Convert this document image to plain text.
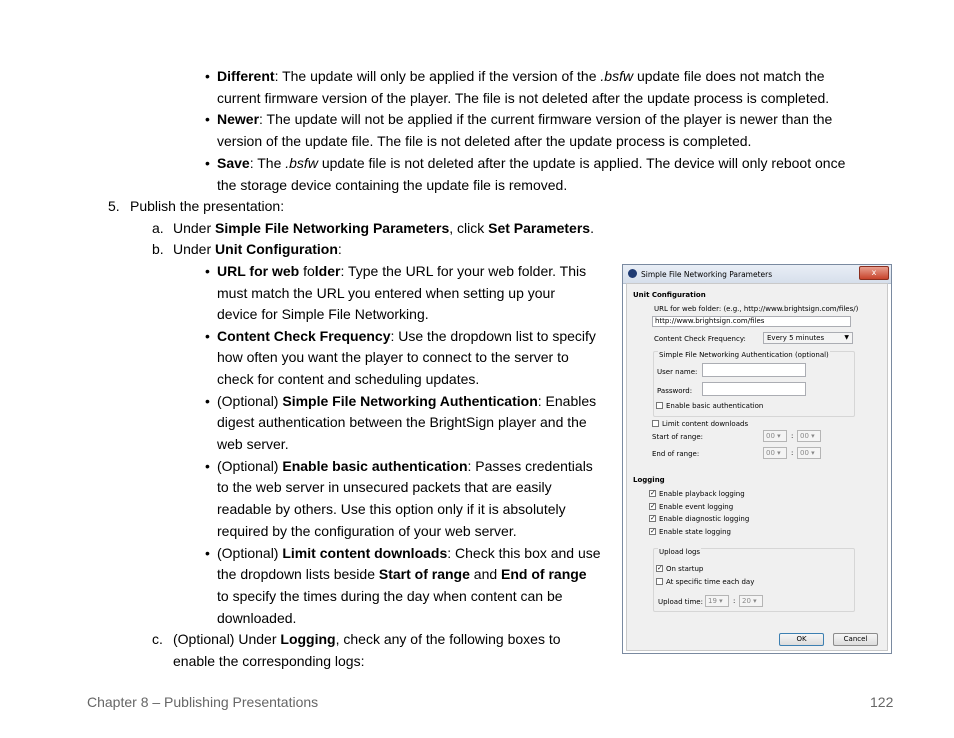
• Different: The update will only be applied if the version of the .bsfw update file does not match the
current firmware version of the player. The file is not deleted after the update process is completed.
• Newer: The update will not be applied if the current firmware version of the player is newer than the
version of the update file. The file is not deleted after the update process is completed.
• Save: The .bsfw update file is not deleted after the update is applied. The device will only reboot once
the storage device containing the update file is removed.
5. Publish the presentation:
a. Under Simple File Networking Parameters, click Set Parameters.
b. Under Unit Configuration:
• URL for web folder: Type the URL for your web folder. This
must match the URL you entered when setting up your
device for Simple File Networking.
• Content Check Frequency: Use the dropdown list to specify
how often you want the player to connect to the server to
check for content and scheduling updates.
• (Optional) Simple File Networking Authentication: Enables
digest authentication between the BrightSign player and the
web server.
• (Optional) Enable basic authentication: Passes credentials
to the web server in unsecured packets that are easily
readable by others. Use this option only if it is absolutely
required by the configuration of your web server.
• (Optional) Limit content downloads: Check this box and use
the dropdown lists beside Start of range and End of range
to specify the times during the day when content can be
downloaded.
c. (Optional) Under Logging, check any of the following boxes to
enable the corresponding logs:
Chapter 8 – Publishing Presentations	122
Simple File Networking Parameters	x
Unit Configuration
URL for web folder: (e.g., http://www.brightsign.com/files/)
http://www.brightsign.com/files
Content Check Frequency:	Every 5 minutes	▼
Simple File Networking Authentication (optional)
User name:
Password:
Enable basic authentication
Limit content downloads
Start of range:	00 ▾	: 00 ▾
End of range:	00 ▾	: 00 ▾
Logging
✓ Enable playback logging
✓ Enable event logging
✓ Enable diagnostic logging
✓ Enable state logging
Upload logs
✓ On startup
At specific time each day
Upload time: 19 ▾	: 20 ▾
OK	Cancel
